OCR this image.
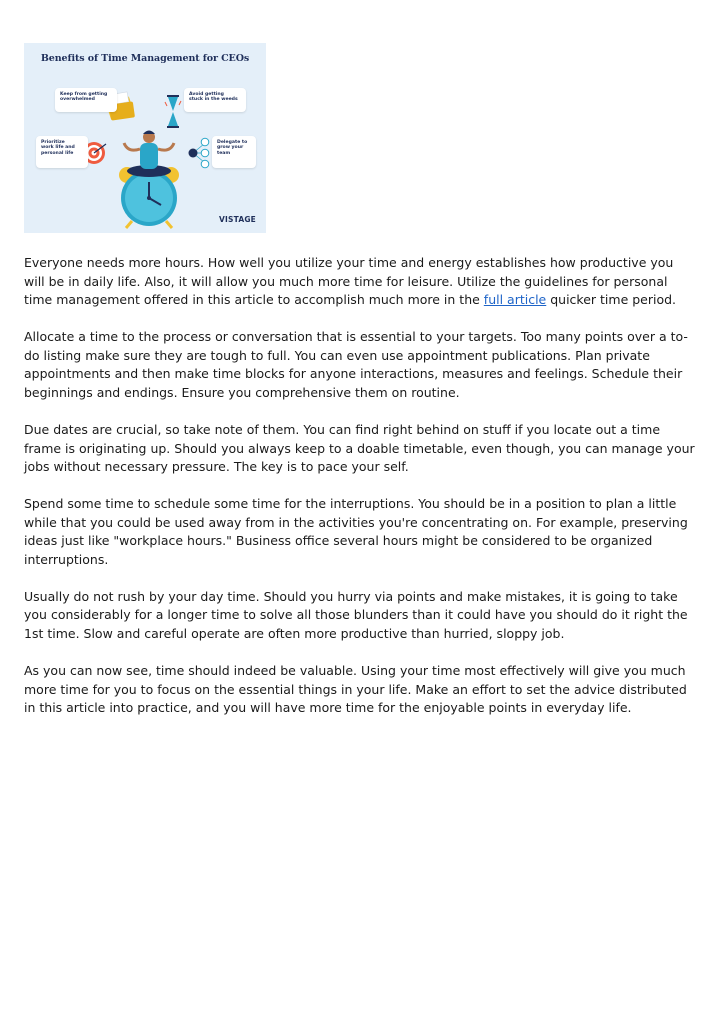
Benefits of Time Management for CEOs
Keep from getting
overwhelmed
Avoid getting
stuck in the weeds
Prioritize
work life and
personal life
Delegate to
grow your
team
VISTAGE

Everyone needs more hours. How well you utilize your time and energy establishes how productive you will be in daily life. Also, it will allow you much more time for leisure. Utilize the guidelines for personal time management offered in this article to accomplish much more in the full article quicker time period.

Allocate a time to the process or conversation that is essential to your targets. Too many points over a to-do listing make sure they are tough to full. You can even use appointment publications. Plan private appointments and then make time blocks for anyone interactions, measures and feelings. Schedule their beginnings and endings. Ensure you comprehensive them on routine.

Due dates are crucial, so take note of them. You can find right behind on stuff if you locate out a time frame is originating up. Should you always keep to a doable timetable, even though, you can manage your jobs without necessary pressure. The key is to pace your self.

Spend some time to schedule some time for the interruptions. You should be in a position to plan a little while that you could be used away from in the activities you're concentrating on. For example, preserving ideas just like "workplace hours." Business office several hours might be considered to be organized interruptions.

Usually do not rush by your day time. Should you hurry via points and make mistakes, it is going to take you considerably for a longer time to solve all those blunders than it could have you should do it right the 1st time. Slow and careful operate are often more productive than hurried, sloppy job.

As you can now see, time should indeed be valuable. Using your time most effectively will give you much more time for you to focus on the essential things in your life. Make an effort to set the advice distributed in this article into practice, and you will have more time for the enjoyable points in everyday life.
